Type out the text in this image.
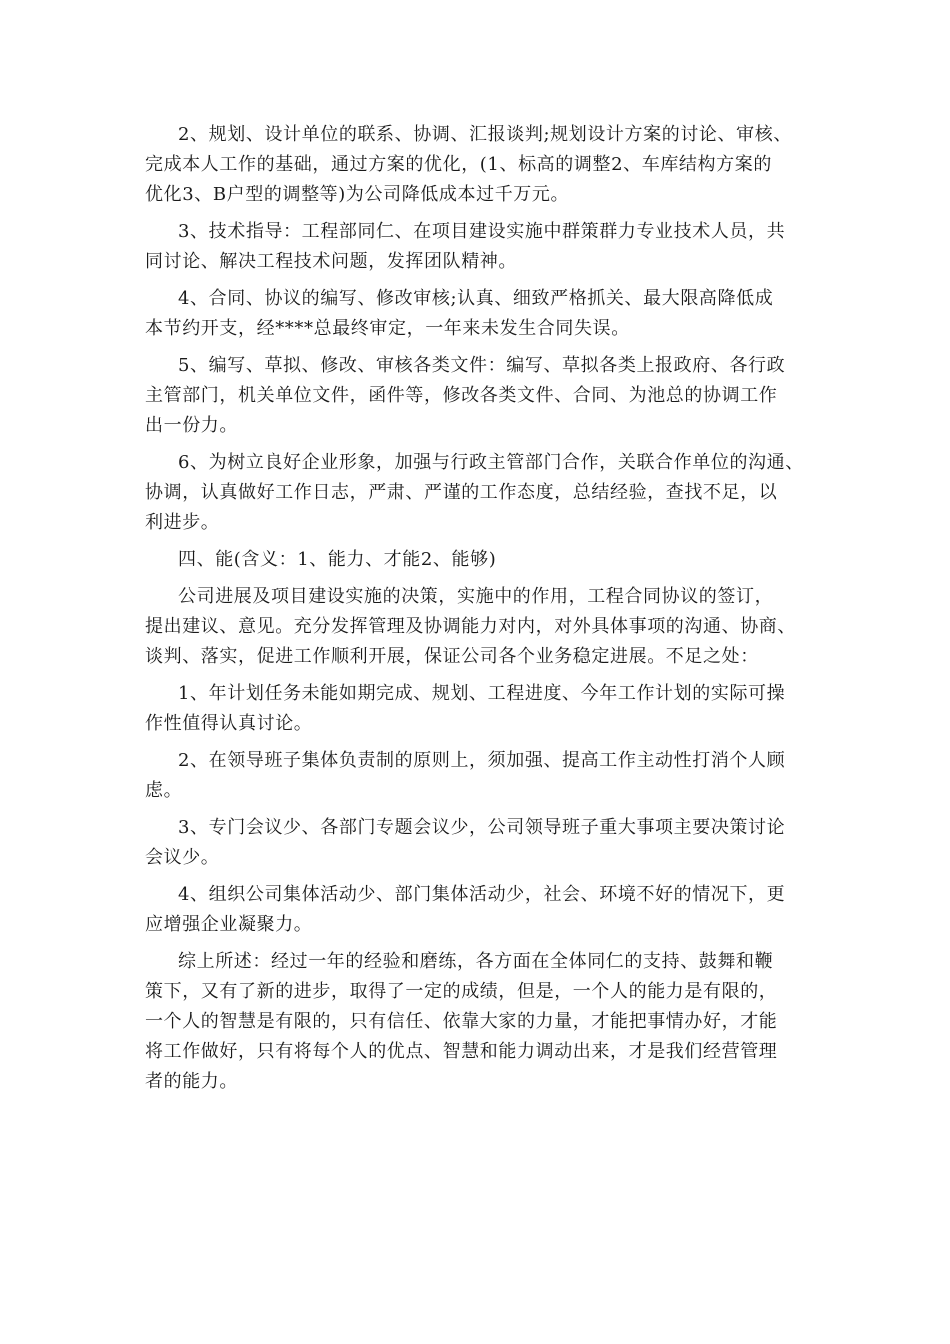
2、规划、设计单位的联系、协调、汇报谈判;规划设计方案的讨论、审核、
完成本人工作的基础，通过方案的优化，(1、标高的调整2、车库结构方案的
优化3、B户型的调整等)为公司降低成本过千万元。
3、技术指导：工程部同仁、在项目建设实施中群策群力专业技术人员，共
同讨论、解决工程技术问题，发挥团队精神。
4、合同、协议的编写、修改审核;认真、细致严格抓关、最大限高降低成
本节约开支，经****总最终审定，一年来未发生合同失误。
5、编写、草拟、修改、审核各类文件：编写、草拟各类上报政府、各行政
主管部门，机关单位文件，函件等，修改各类文件、合同、为池总的协调工作
出一份力。
6、为树立良好企业形象，加强与行政主管部门合作，关联合作单位的沟通、
协调，认真做好工作日志，严肃、严谨的工作态度，总结经验，查找不足，以
利进步。
四、能(含义：1、能力、才能2、能够)
公司进展及项目建设实施的决策，实施中的作用，工程合同协议的签订，
提出建议、意见。充分发挥管理及协调能力对内，对外具体事项的沟通、协商、
谈判、落实，促进工作顺利开展，保证公司各个业务稳定进展。不足之处：
1、年计划任务未能如期完成、规划、工程进度、今年工作计划的实际可操
作性值得认真讨论。
2、在领导班子集体负责制的原则上，须加强、提高工作主动性打消个人顾
虑。
3、专门会议少、各部门专题会议少，公司领导班子重大事项主要决策讨论
会议少。
4、组织公司集体活动少、部门集体活动少，社会、环境不好的情况下，更
应增强企业凝聚力。
综上所述：经过一年的经验和磨练，各方面在全体同仁的支持、鼓舞和鞭
策下，又有了新的进步，取得了一定的成绩，但是，一个人的能力是有限的，
一个人的智慧是有限的，只有信任、依靠大家的力量，才能把事情办好，才能
将工作做好，只有将每个人的优点、智慧和能力调动出来，才是我们经营管理
者的能力。
